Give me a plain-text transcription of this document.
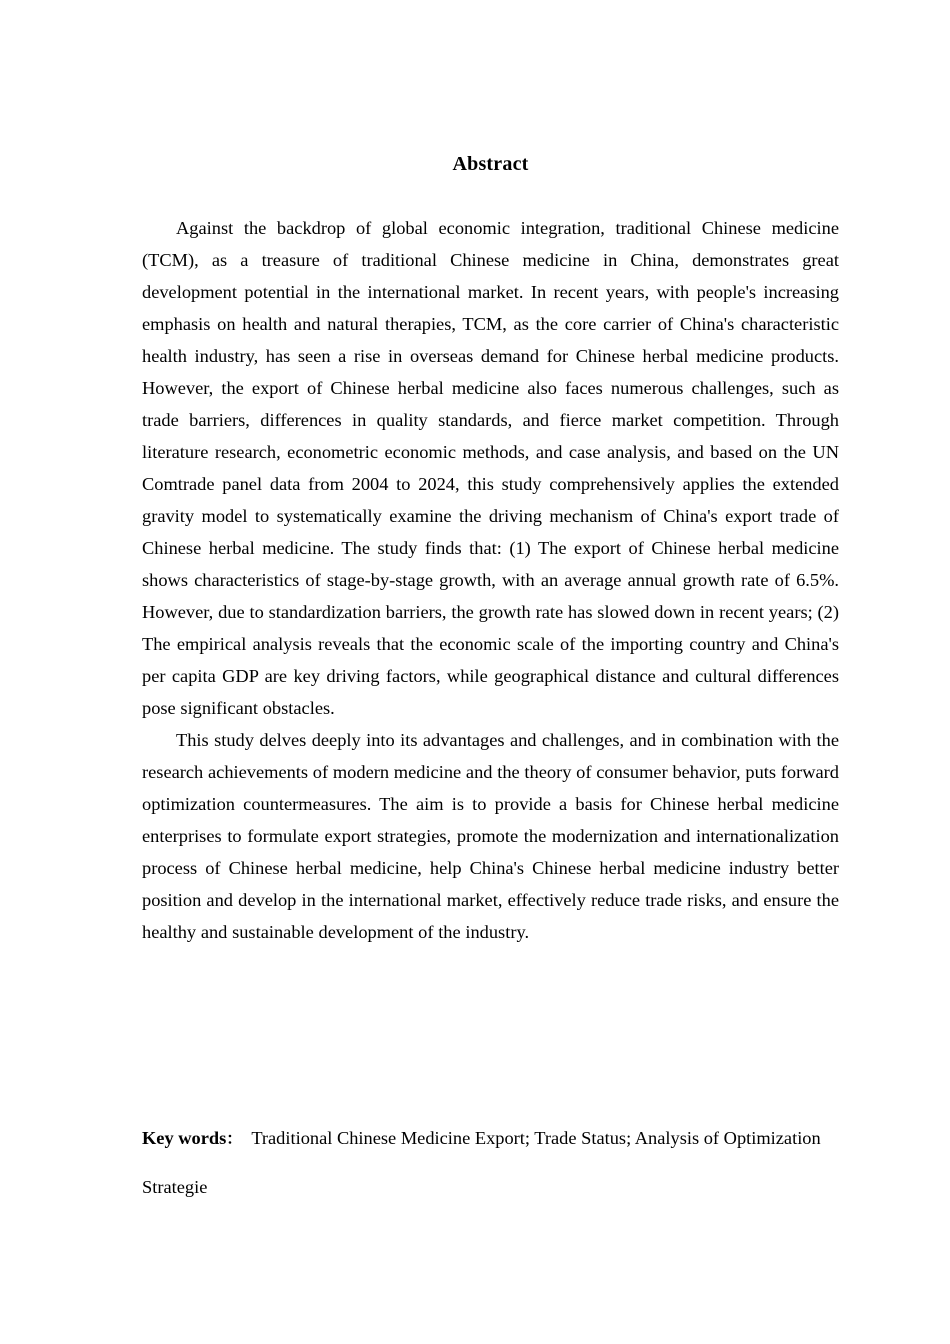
Abstract

Against the backdrop of global economic integration, traditional Chinese medicine (TCM), as a treasure of traditional Chinese medicine in China, demonstrates great development potential in the international market. In recent years, with people's increasing emphasis on health and natural therapies, TCM, as the core carrier of China's characteristic health industry, has seen a rise in overseas demand for Chinese herbal medicine products. However, the export of Chinese herbal medicine also faces numerous challenges, such as trade barriers, differences in quality standards, and fierce market competition. Through literature research, econometric economic methods, and case analysis, and based on the UN Comtrade panel data from 2004 to 2024, this study comprehensively applies the extended gravity model to systematically examine the driving mechanism of China's export trade of Chinese herbal medicine. The study finds that: (1) The export of Chinese herbal medicine shows characteristics of stage-by-stage growth, with an average annual growth rate of 6.5%. However, due to standardization barriers, the growth rate has slowed down in recent years; (2) The empirical analysis reveals that the economic scale of the importing country and China's per capita GDP are key driving factors, while geographical distance and cultural differences pose significant obstacles.

This study delves deeply into its advantages and challenges, and in combination with the research achievements of modern medicine and the theory of consumer behavior, puts forward optimization countermeasures. The aim is to provide a basis for Chinese herbal medicine enterprises to formulate export strategies, promote the modernization and internationalization process of Chinese herbal medicine, help China's Chinese herbal medicine industry better position and develop in the international market, effectively reduce trade risks, and ensure the healthy and sustainable development of the industry.

Key words： Traditional Chinese Medicine Export; Trade Status; Analysis of Optimization Strategie
